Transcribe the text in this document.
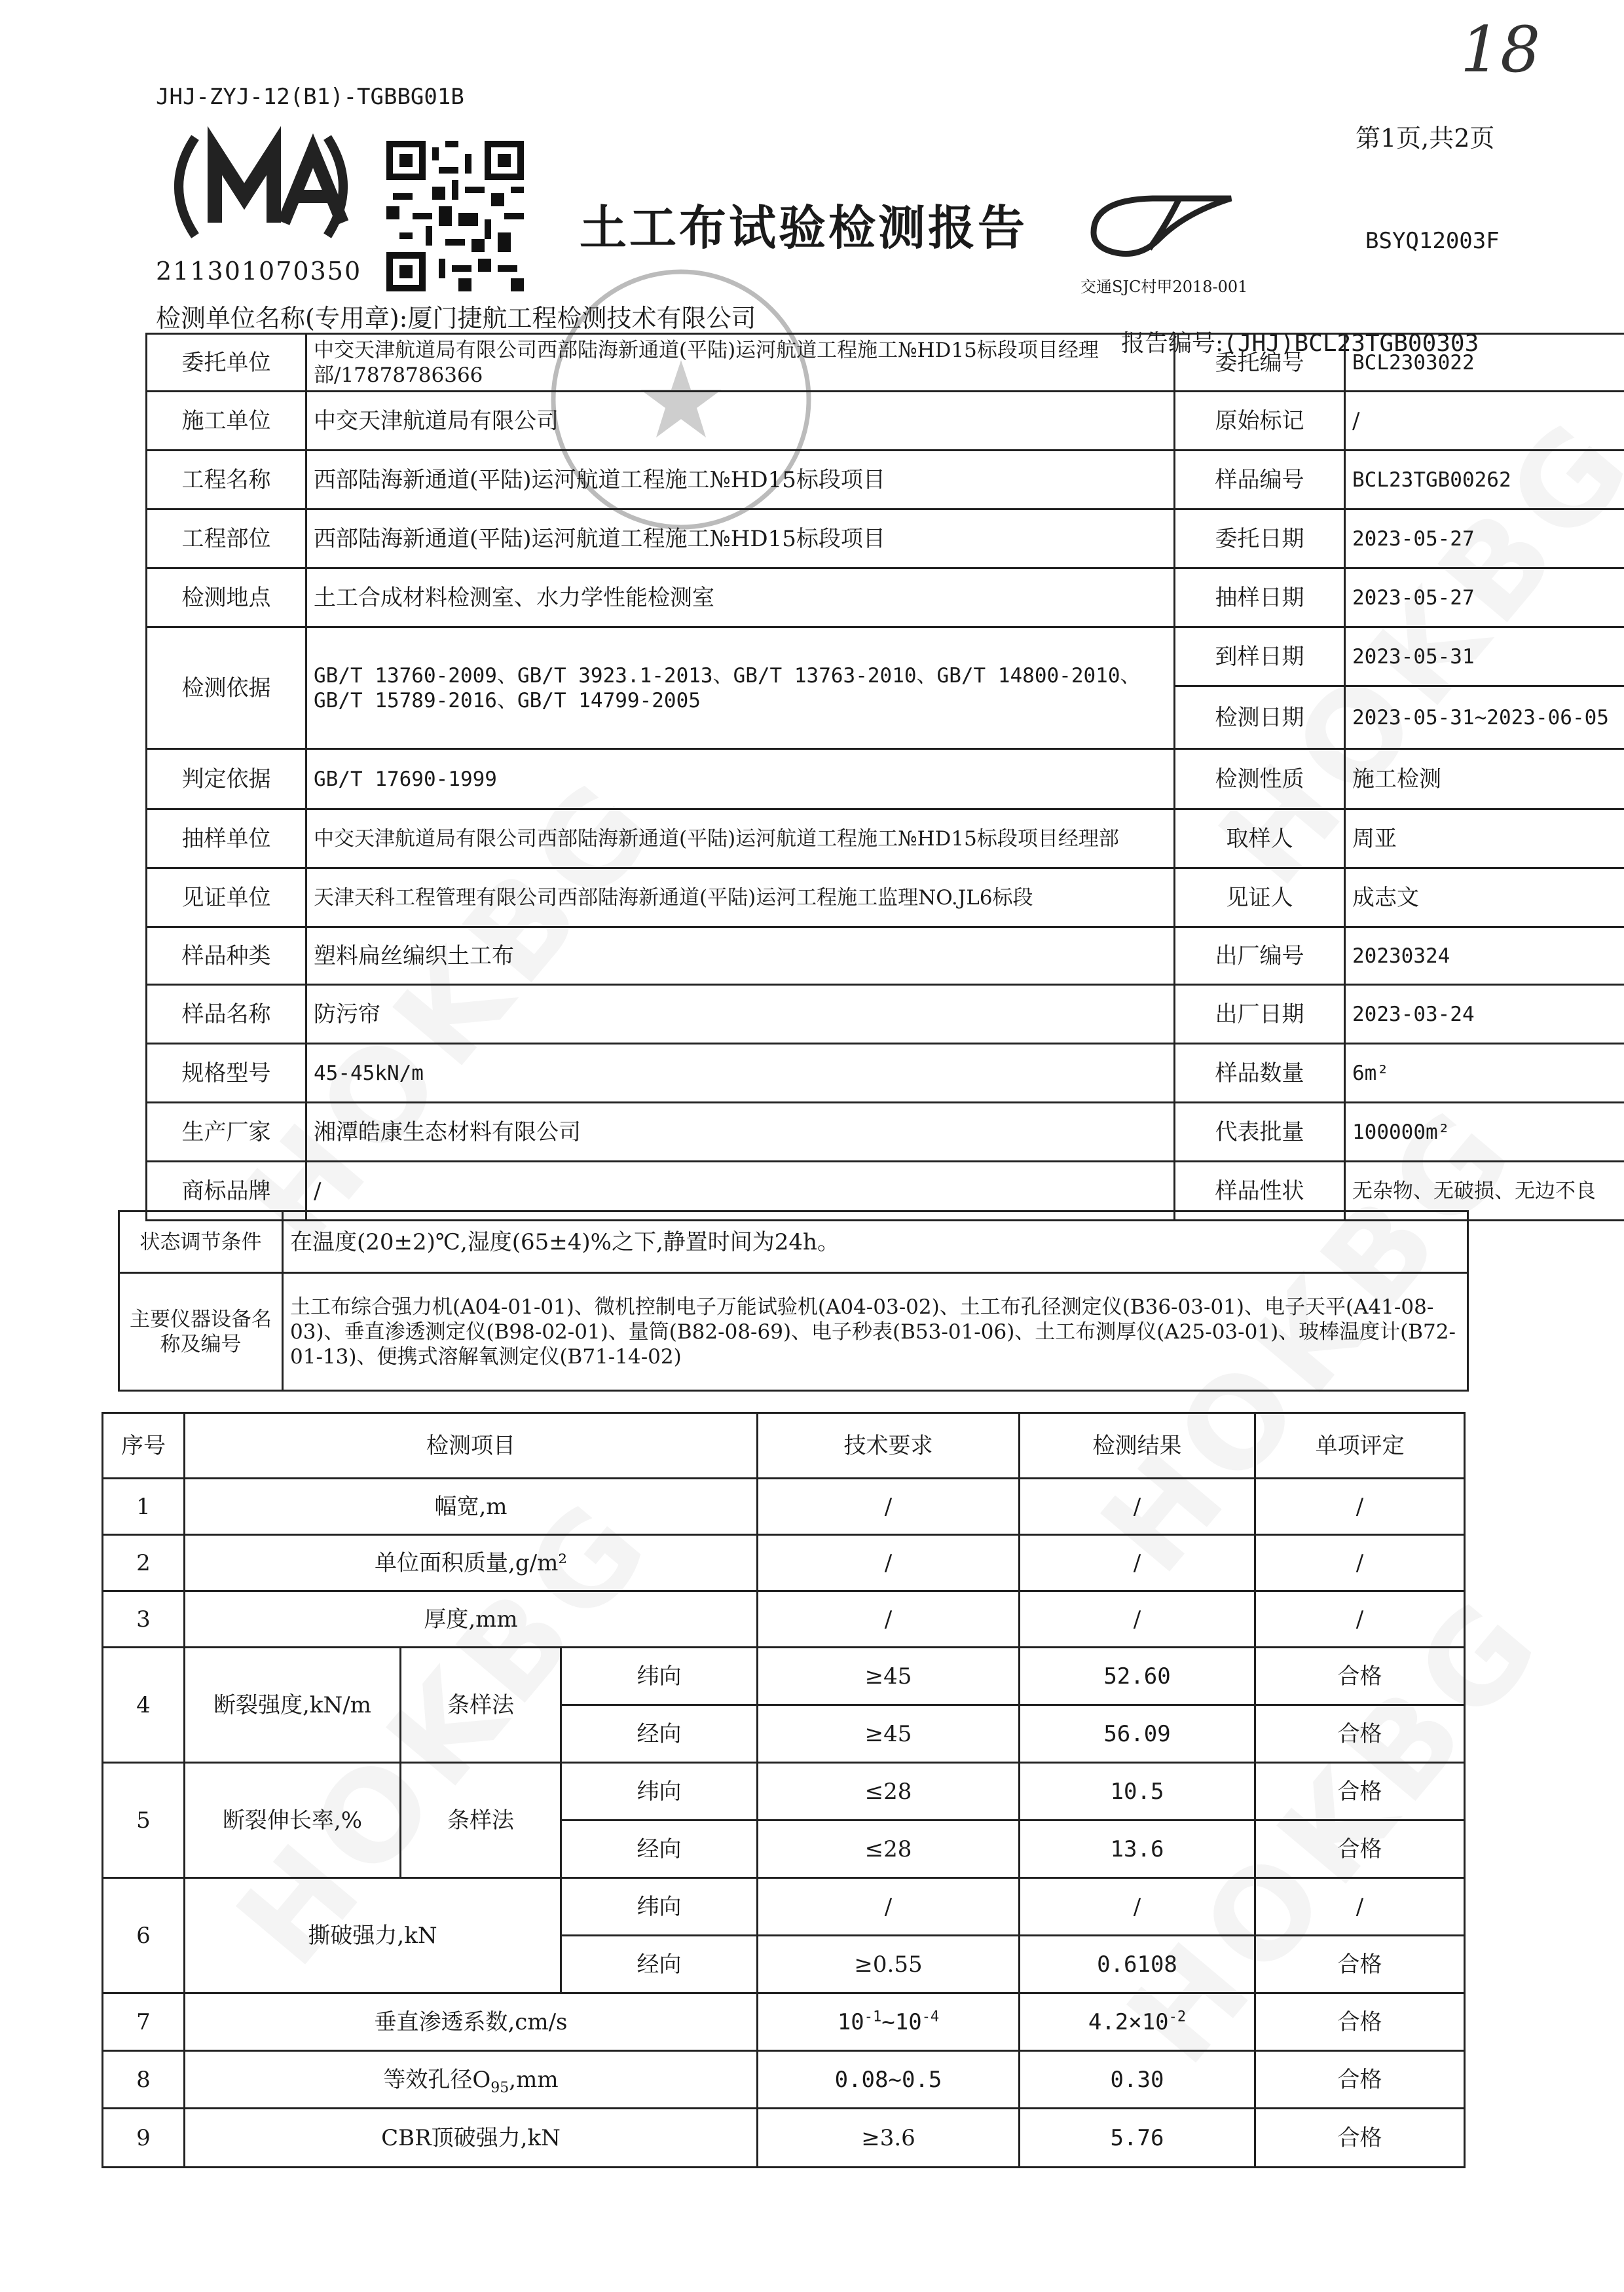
JHJ-ZYJ-12(B1)-TGBBG01B
18
第1页,共2页
211301070350
土工布试验检测报告
交通SJC村甲2018-001
BSYQ12003F
检测单位名称(专用章):厦门捷航工程检测技术有限公司
报告编号:(JHJ)BCL23TGB00303
委托单位	中交天津航道局有限公司西部陆海新通道(平陆)运河航道工程施工№HD15标段项目经理部/17878786366	委托编号	BCL2303022
施工单位	中交天津航道局有限公司	原始标记	/
工程名称	西部陆海新通道(平陆)运河航道工程施工№HD15标段项目	样品编号	BCL23TGB00262
工程部位	西部陆海新通道(平陆)运河航道工程施工№HD15标段项目	委托日期	2023-05-27
检测地点	土工合成材料检测室、水力学性能检测室	抽样日期	2023-05-27
检测依据	GB/T 13760-2009、GB/T 3923.1-2013、GB/T 13763-2010、GB/T 14800-2010、GB/T 15789-2016、GB/T 14799-2005	到样日期	2023-05-31
		检测日期	2023-05-31~2023-06-05
判定依据	GB/T 17690-1999	检测性质	施工检测
抽样单位	中交天津航道局有限公司西部陆海新通道(平陆)运河航道工程施工№HD15标段项目经理部	取样人	周亚
见证单位	天津天科工程管理有限公司西部陆海新通道(平陆)运河工程施工监理NO.JL6标段	见证人	成志文
样品种类	塑料扁丝编织土工布	出厂编号	20230324
样品名称	防污帘	出厂日期	2023-03-24
规格型号	45-45kN/m	样品数量	6m²
生产厂家	湘潭皓康生态材料有限公司	代表批量	100000m²
商标品牌	/	样品性状	无杂物、无破损、无边不良
状态调节条件	在温度(20±2)℃,湿度(65±4)%之下,静置时间为24h。
主要仪器设备名称及编号	土工布综合强力机(A04-01-01)、微机控制电子万能试验机(A04-03-02)、土工布孔径测定仪(B36-03-01)、电子天平(A41-08-03)、垂直渗透测定仪(B98-02-01)、量筒(B82-08-69)、电子秒表(B53-01-06)、土工布测厚仪(A25-03-01)、玻棒温度计(B72-01-13)、便携式溶解氧测定仪(B71-14-02)
序号	检测项目			技术要求	检测结果	单项评定
1	幅宽,m			/	/	/
2	单位面积质量,g/m²			/	/	/
3	厚度,mm			/	/	/
4	断裂强度,kN/m	条样法	纬向	≥45	52.60	合格
			经向	≥45	56.09	合格
5	断裂伸长率,%	条样法	纬向	≤28	10.5	合格
			经向	≤28	13.6	合格
6	撕破强力,kN		纬向	/	/	/
			经向	≥0.55	0.6108	合格
7	垂直渗透系数,cm/s			$10^{-1}\sim 10^{-4}$	$4.2\times 10^{-2}$	合格
8	等效孔径$O_{95},mm$			0.08~0.5	0.30	合格
9	CBR顶破强力,kN			≥3.6	5.76	合格
